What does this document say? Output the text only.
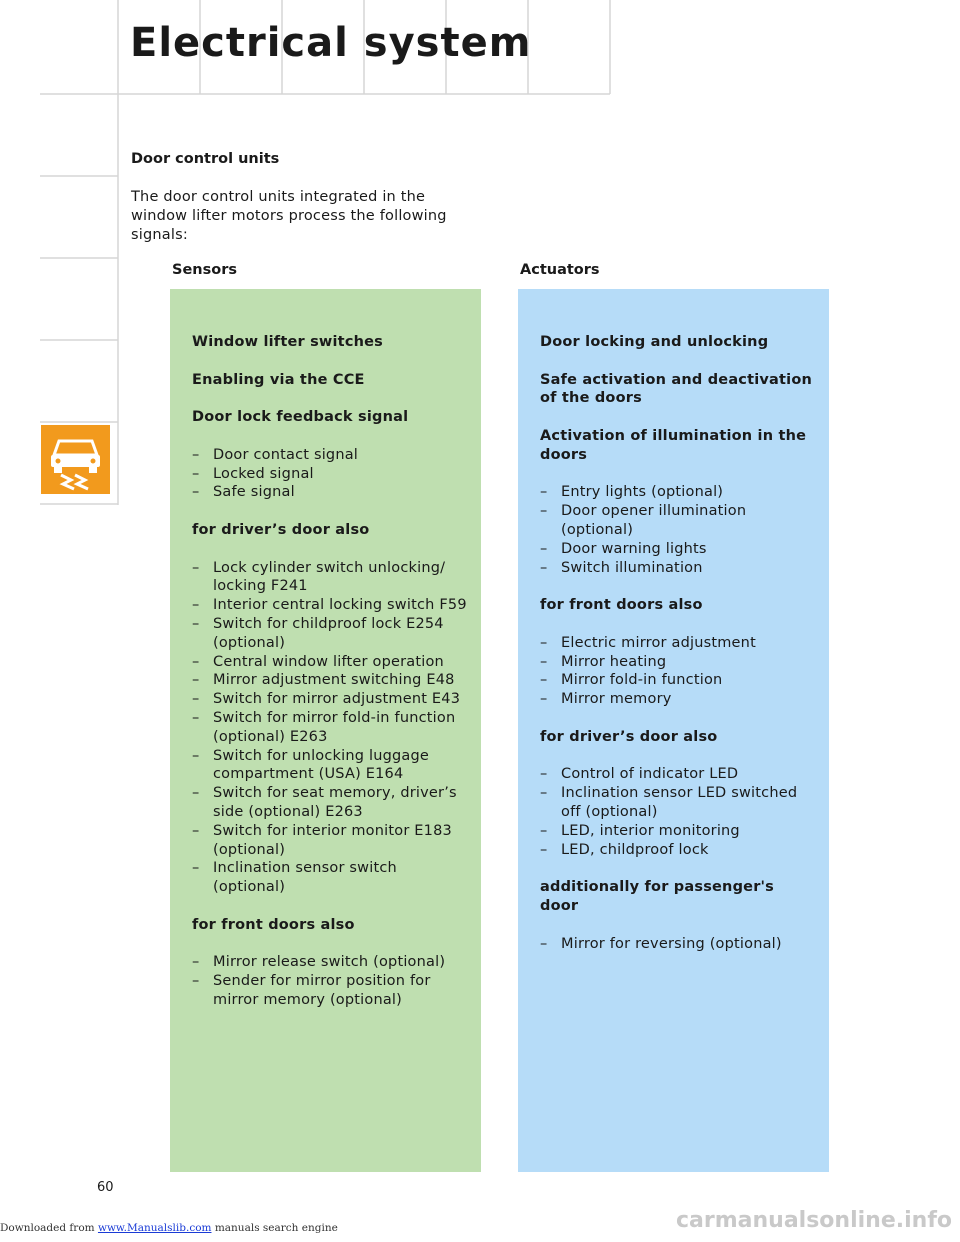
Electrical system
Door control units

The door control units integrated in the window lifter motors process the following signals:

Sensors	Actuators
Window lifter switches
Enabling via the CCE
Door lock feedback signal
– Door contact signal
– Locked signal
– Safe signal
for driver’s door also
– Lock cylinder switch unlocking/ locking F241
– Interior central locking switch F59
– Switch for childproof lock E254 (optional)
– Central window lifter operation
– Mirror adjustment switching E48
– Switch for mirror adjustment E43
– Switch for mirror fold-in function (optional) E263
– Switch for unlocking luggage compartment (USA) E164
– Switch for seat memory, driver’s side (optional) E263
– Switch for interior monitor E183 (optional)
– Inclination sensor switch (optional)
for front doors also
– Mirror release switch (optional)
– Sender for mirror position for mirror memory (optional)
Door locking and unlocking
Safe activation and deactivation of the doors
Activation of illumination in the doors
– Entry lights (optional)
– Door opener illumination (optional)
– Door warning lights
– Switch illumination
for front doors also
– Electric mirror adjustment
– Mirror heating
– Mirror fold-in function
– Mirror memory
for driver’s door also
– Control of indicator LED
– Inclination sensor LED switched off (optional)
– LED, interior monitoring
– LED, childproof lock
additionally for passenger's door
– Mirror for reversing (optional)
60
Downloaded from www.Manualslib.com manuals search engine	carmanualsonline.info
